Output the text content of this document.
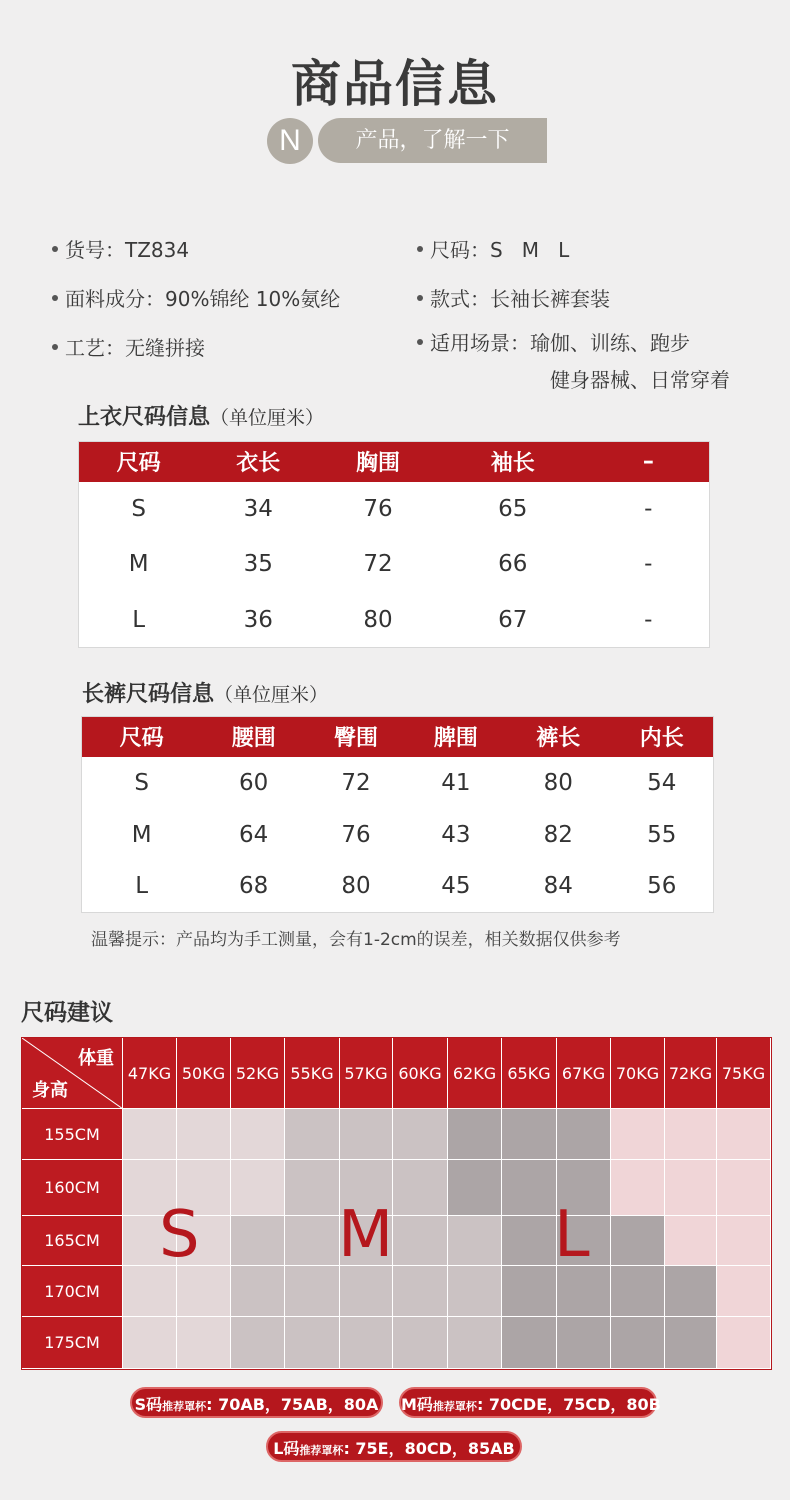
商品信息
N	产品，了解一下
货号：TZ834
面料成分：90%锦纶 10%氨纶
工艺：无缝拼接
尺码：S   M   L
款式：长袖长裤套装
适用场景：瑜伽、训练、跑步
健身器械、日常穿着
上衣尺码信息（单位厘米）
尺码	衣长	胸围	袖长	–
S	34	76	65	-
M	35	72	66	-
L	36	80	67	-
长裤尺码信息（单位厘米）
尺码	腰围	臀围	脾围	裤长	内长
S	60	72	41	80	54
M	64	76	43	82	55
L	68	80	45	84	56
温馨提示：产品均为手工测量，会有1-2cm的误差，相关数据仅供参考
尺码建议
体重
身高
47KG 50KG 52KG 55KG 57KG 60KG 62KG 65KG 67KG 70KG 72KG 75KG
155CM
160CM
165CM
170CM
175CM
S M	L
S码推荐罩杯: 70AB，75AB，80A M码推荐罩杯: 70CDE，75CD，80B
L码推荐罩杯: 75E，80CD，85AB
